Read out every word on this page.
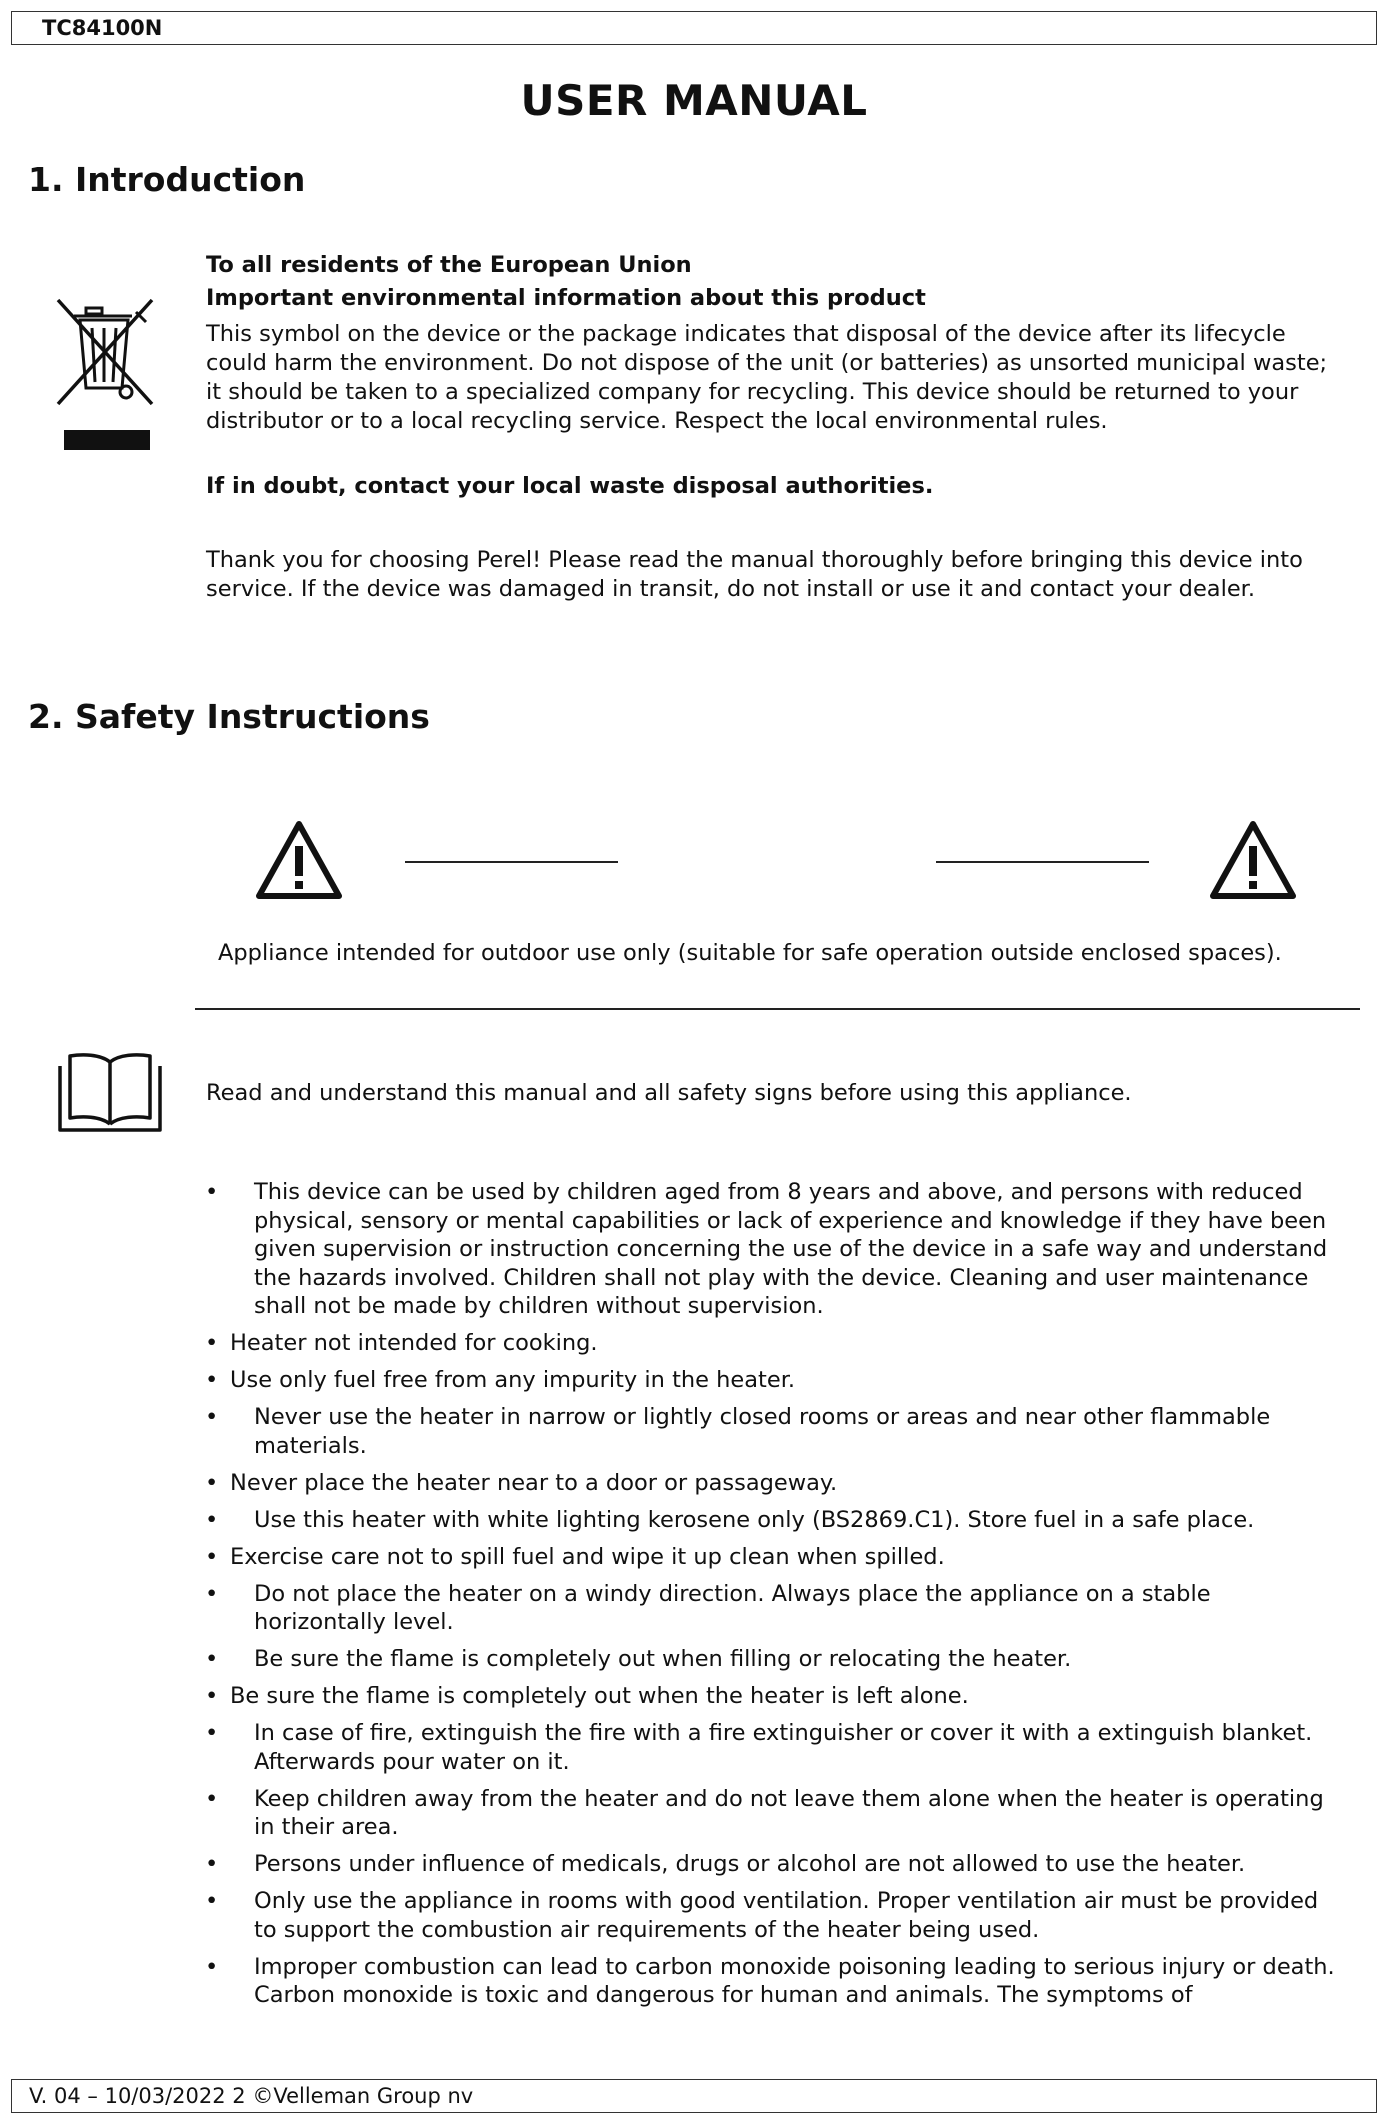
TC84100N
USER MANUAL
1. Introduction
To all residents of the European Union
Important environmental information about this product
This symbol on the device or the package indicates that disposal of the device after its lifecycle could harm the environment. Do not dispose of the unit (or batteries) as unsorted municipal waste; it should be taken to a specialized company for recycling. This device should be returned to your distributor or to a local recycling service. Respect the local environmental rules.
If in doubt, contact your local waste disposal authorities.
Thank you for choosing Perel! Please read the manual thoroughly before bringing this device into service. If the device was damaged in transit, do not install or use it and contact your dealer.
2. Safety Instructions
Appliance intended for outdoor use only (suitable for safe operation outside enclosed spaces).
Read and understand this manual and all safety signs before using this appliance.
• This device can be used by children aged from 8 years and above, and persons with reduced physical, sensory or mental capabilities or lack of experience and knowledge if they have been given supervision or instruction concerning the use of the device in a safe way and understand the hazards involved. Children shall not play with the device. Cleaning and user maintenance shall not be made by children without supervision.
• Heater not intended for cooking.
• Use only fuel free from any impurity in the heater.
• Never use the heater in narrow or lightly closed rooms or areas and near other flammable materials.
• Never place the heater near to a door or passageway.
• Use this heater with white lighting kerosene only (BS2869.C1). Store fuel in a safe place.
• Exercise care not to spill fuel and wipe it up clean when spilled.
• Do not place the heater on a windy direction. Always place the appliance on a stable horizontally level.
• Be sure the flame is completely out when filling or relocating the heater.
• Be sure the flame is completely out when the heater is left alone.
• In case of fire, extinguish the fire with a fire extinguisher or cover it with a extinguish blanket. Afterwards pour water on it.
• Keep children away from the heater and do not leave them alone when the heater is operating in their area.
• Persons under influence of medicals, drugs or alcohol are not allowed to use the heater.
• Only use the appliance in rooms with good ventilation. Proper ventilation air must be provided to support the combustion air requirements of the heater being used.
• Improper combustion can lead to carbon monoxide poisoning leading to serious injury or death. Carbon monoxide is toxic and dangerous for human and animals. The symptoms of
V. 04 – 10/03/2022 2 ©Velleman Group nv
